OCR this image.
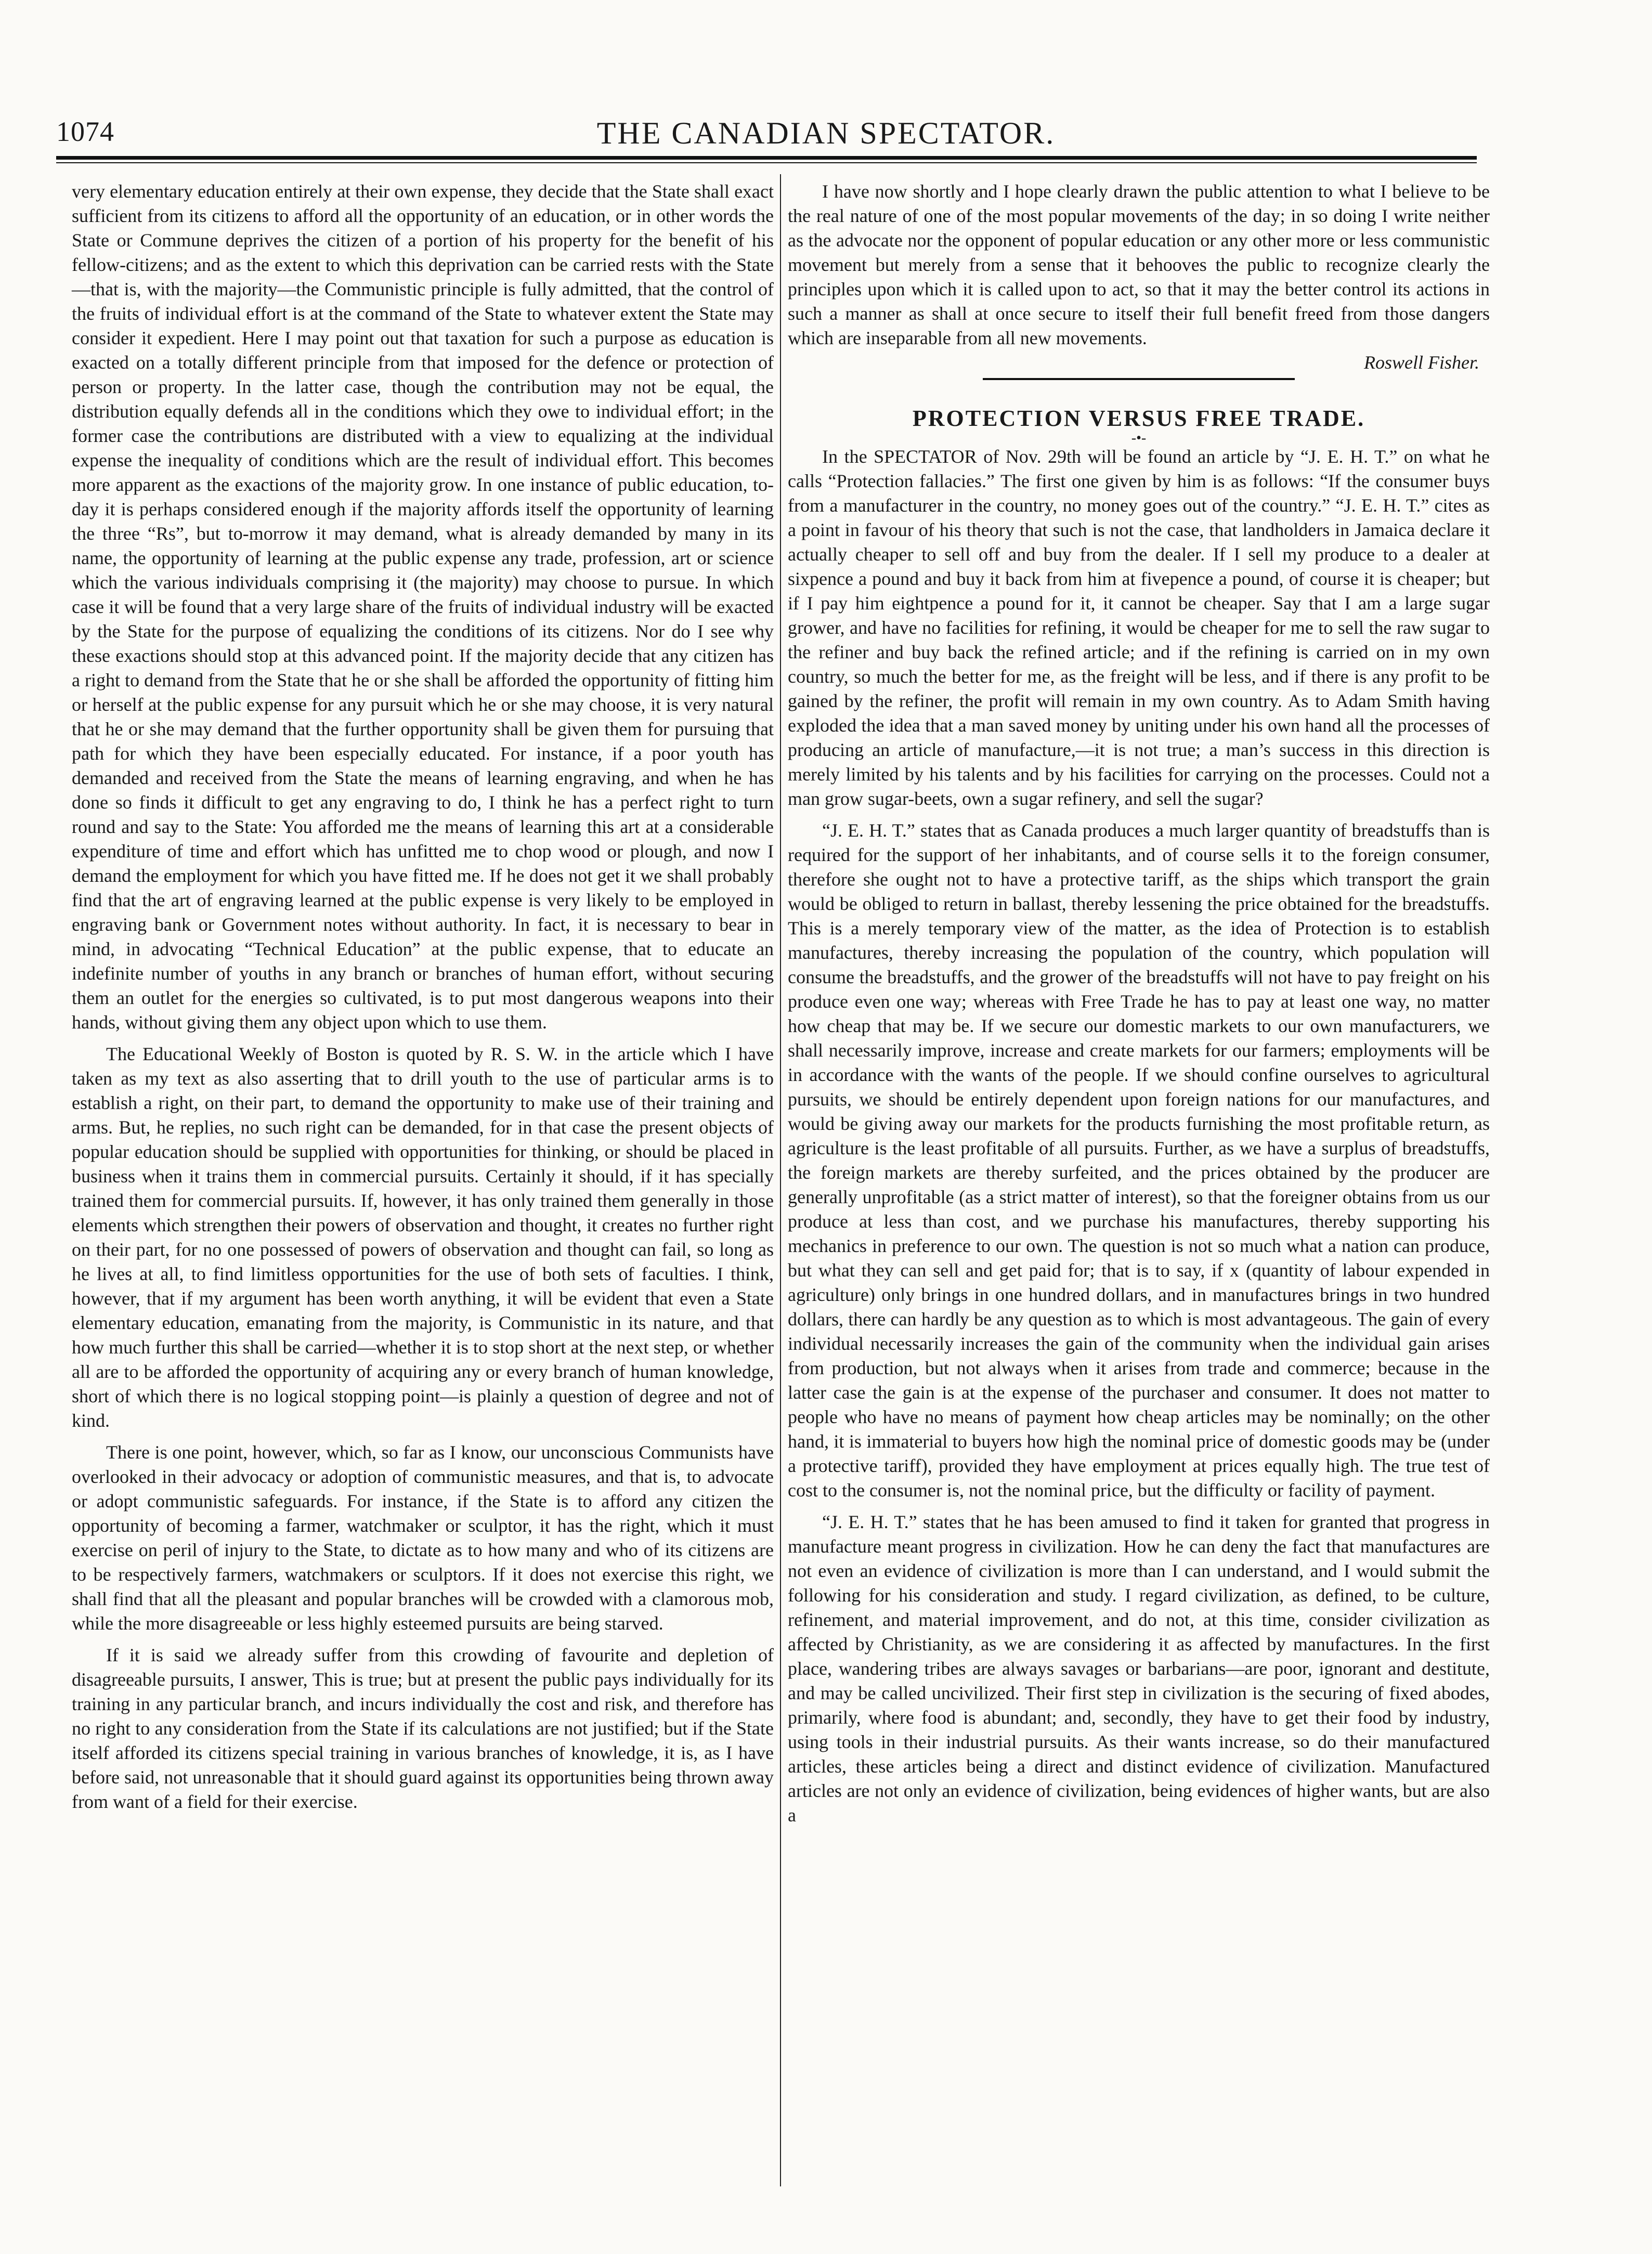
1074	THE CANADIAN SPECTATOR.

very elementary education entirely at their own expense, they decide that the State shall exact sufficient from its citizens to afford all the opportunity of an education, or in other words the State or Commune deprives the citizen of a portion of his property for the benefit of his fellow-citizens; and as the extent to which this deprivation can be carried rests with the State—that is, with the majority—the Communistic principle is fully admitted, that the control of the fruits of individual effort is at the command of the State to whatever extent the State may consider it expedient. Here I may point out that taxation for such a purpose as education is exacted on a totally different principle from that imposed for the defence or protection of person or property. In the latter case, though the contribution may not be equal, the distribution equally defends all in the conditions which they owe to individual effort; in the former case the contributions are distributed with a view to equalizing at the individual expense the inequality of conditions which are the result of individual effort. This becomes more apparent as the exactions of the majority grow. In one instance of public education, to-day it is perhaps considered enough if the majority affords itself the opportunity of learning the three “Rs”, but to-morrow it may demand, what is already demanded by many in its name, the opportunity of learning at the public expense any trade, profession, art or science which the various individuals comprising it (the majority) may choose to pursue. In which case it will be found that a very large share of the fruits of individual industry will be exacted by the State for the purpose of equalizing the conditions of its citizens. Nor do I see why these exactions should stop at this advanced point. If the majority decide that any citizen has a right to demand from the State that he or she shall be afforded the opportunity of fitting him or herself at the public expense for any pursuit which he or she may choose, it is very natural that he or she may demand that the further opportunity shall be given them for pursuing that path for which they have been especially educated. For instance, if a poor youth has demanded and received from the State the means of learning engraving, and when he has done so finds it difficult to get any engraving to do, I think he has a perfect right to turn round and say to the State: You afforded me the means of learning this art at a considerable expenditure of time and effort which has unfitted me to chop wood or plough, and now I demand the employment for which you have fitted me. If he does not get it we shall probably find that the art of engraving learned at the public expense is very likely to be employed in engraving bank or Government notes without authority. In fact, it is necessary to bear in mind, in advocating “Technical Education” at the public expense, that to educate an indefinite number of youths in any branch or branches of human effort, without securing them an outlet for the energies so cultivated, is to put most dangerous weapons into their hands, without giving them any object upon which to use them.

The Educational Weekly of Boston is quoted by R. S. W. in the article which I have taken as my text as also asserting that to drill youth to the use of particular arms is to establish a right, on their part, to demand the opportunity to make use of their training and arms. But, he replies, no such right can be demanded, for in that case the present objects of popular education should be supplied with opportunities for thinking, or should be placed in business when it trains them in commercial pursuits. Certainly it should, if it has specially trained them for commercial pursuits. If, however, it has only trained them generally in those elements which strengthen their powers of observation and thought, it creates no further right on their part, for no one possessed of powers of observation and thought can fail, so long as he lives at all, to find limitless opportunities for the use of both sets of faculties. I think, however, that if my argument has been worth anything, it will be evident that even a State elementary education, emanating from the majority, is Communistic in its nature, and that how much further this shall be carried—whether it is to stop short at the next step, or whether all are to be afforded the opportunity of acquiring any or every branch of human knowledge, short of which there is no logical stopping point—is plainly a question of degree and not of kind.

There is one point, however, which, so far as I know, our unconscious Communists have overlooked in their advocacy or adoption of communistic measures, and that is, to advocate or adopt communistic safeguards. For instance, if the State is to afford any citizen the opportunity of becoming a farmer, watchmaker or sculptor, it has the right, which it must exercise on peril of injury to the State, to dictate as to how many and who of its citizens are to be respectively farmers, watchmakers or sculptors. If it does not exercise this right, we shall find that all the pleasant and popular branches will be crowded with a clamorous mob, while the more disagreeable or less highly esteemed pursuits are being starved.

If it is said we already suffer from this crowding of favourite and depletion of disagreeable pursuits, I answer, This is true; but at present the public pays individually for its training in any particular branch, and incurs individually the cost and risk, and therefore has no right to any consideration from the State if its calculations are not justified; but if the State itself afforded its citizens special training in various branches of knowledge, it is, as I have before said, not unreasonable that it should guard against its opportunities being thrown away from want of a field for their exercise.

I have now shortly and I hope clearly drawn the public attention to what I believe to be the real nature of one of the most popular movements of the day; in so doing I write neither as the advocate nor the opponent of popular education or any other more or less communistic movement but merely from a sense that it behooves the public to recognize clearly the principles upon which it is called upon to act, so that it may the better control its actions in such a manner as shall at once secure to itself their full benefit freed from those dangers which are inseparable from all new movements.

Roswell Fisher.

PROTECTION VERSUS FREE TRADE.

-•-

In the SPECTATOR of Nov. 29th will be found an article by “J. E. H. T.” on what he calls “Protection fallacies.” The first one given by him is as follows: “If the consumer buys from a manufacturer in the country, no money goes out of the country.” “J. E. H. T.” cites as a point in favour of his theory that such is not the case, that landholders in Jamaica declare it actually cheaper to sell off and buy from the dealer. If I sell my produce to a dealer at sixpence a pound and buy it back from him at fivepence a pound, of course it is cheaper; but if I pay him eightpence a pound for it, it cannot be cheaper. Say that I am a large sugar grower, and have no facilities for refining, it would be cheaper for me to sell the raw sugar to the refiner and buy back the refined article; and if the refining is carried on in my own country, so much the better for me, as the freight will be less, and if there is any profit to be gained by the refiner, the profit will remain in my own country. As to Adam Smith having exploded the idea that a man saved money by uniting under his own hand all the processes of producing an article of manufacture,—it is not true; a man’s success in this direction is merely limited by his talents and by his facilities for carrying on the processes. Could not a man grow sugar-beets, own a sugar refinery, and sell the sugar?

“J. E. H. T.” states that as Canada produces a much larger quantity of breadstuffs than is required for the support of her inhabitants, and of course sells it to the foreign consumer, therefore she ought not to have a protective tariff, as the ships which transport the grain would be obliged to return in ballast, thereby lessening the price obtained for the breadstuffs. This is a merely temporary view of the matter, as the idea of Protection is to establish manufactures, thereby increasing the population of the country, which population will consume the breadstuffs, and the grower of the breadstuffs will not have to pay freight on his produce even one way; whereas with Free Trade he has to pay at least one way, no matter how cheap that may be. If we secure our domestic markets to our own manufacturers, we shall necessarily improve, increase and create markets for our farmers; employments will be in accordance with the wants of the people. If we should confine ourselves to agricultural pursuits, we should be entirely dependent upon foreign nations for our manufactures, and would be giving away our markets for the products furnishing the most profitable return, as agriculture is the least profitable of all pursuits. Further, as we have a surplus of breadstuffs, the foreign markets are thereby surfeited, and the prices obtained by the producer are generally unprofitable (as a strict matter of interest), so that the foreigner obtains from us our produce at less than cost, and we purchase his manufactures, thereby supporting his mechanics in preference to our own. The question is not so much what a nation can produce, but what they can sell and get paid for; that is to say, if x (quantity of labour expended in agriculture) only brings in one hundred dollars, and in manufactures brings in two hundred dollars, there can hardly be any question as to which is most advantageous. The gain of every individual necessarily increases the gain of the community when the individual gain arises from production, but not always when it arises from trade and commerce; because in the latter case the gain is at the expense of the purchaser and consumer. It does not matter to people who have no means of payment how cheap articles may be nominally; on the other hand, it is immaterial to buyers how high the nominal price of domestic goods may be (under a protective tariff), provided they have employment at prices equally high. The true test of cost to the consumer is, not the nominal price, but the difficulty or facility of payment.

“J. E. H. T.” states that he has been amused to find it taken for granted that progress in manufacture meant progress in civilization. How he can deny the fact that manufactures are not even an evidence of civilization is more than I can understand, and I would submit the following for his consideration and study. I regard civilization, as defined, to be culture, refinement, and material improvement, and do not, at this time, consider civilization as affected by Christianity, as we are considering it as affected by manufactures. In the first place, wandering tribes are always savages or barbarians—are poor, ignorant and destitute, and may be called uncivilized. Their first step in civilization is the securing of fixed abodes, primarily, where food is abundant; and, secondly, they have to get their food by industry, using tools in their industrial pursuits. As their wants increase, so do their manufactured articles, these articles being a direct and distinct evidence of civilization. Manufactured articles are not only an evidence of civilization, being evidences of higher wants, but are also a
